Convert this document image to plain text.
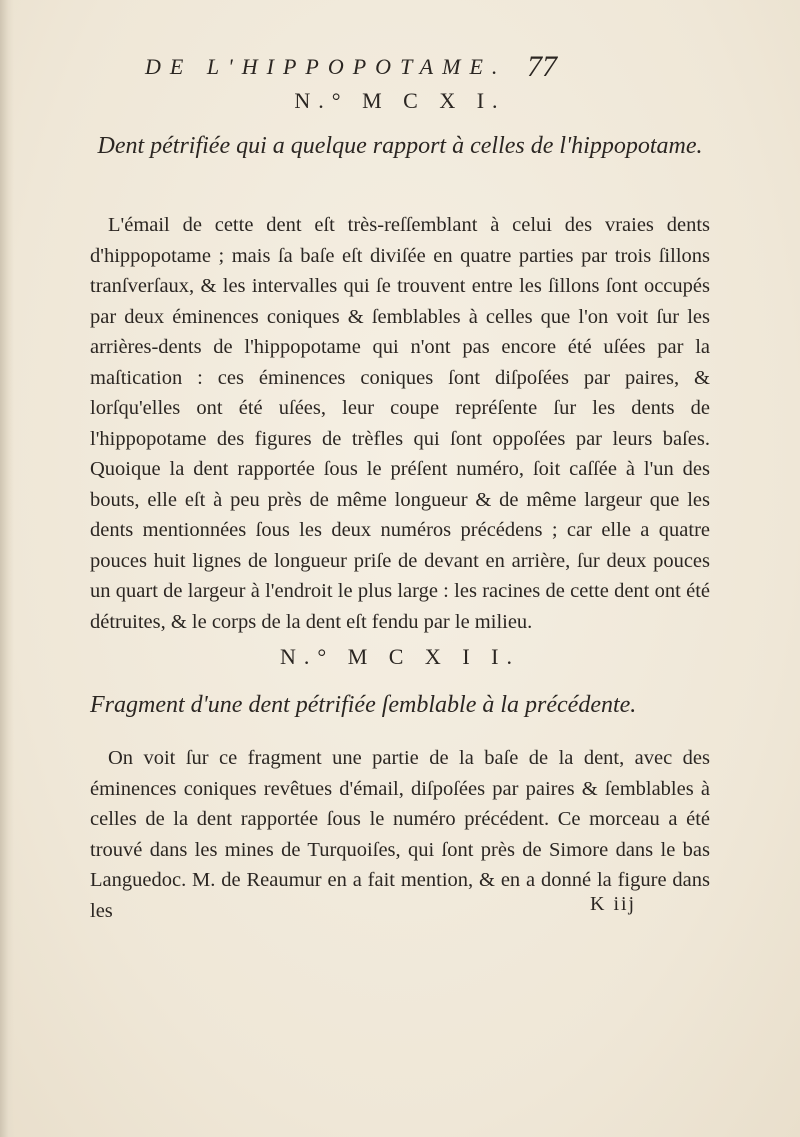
DE L'HIPPOPOTAME. 77
N.° M C X I.
Dent pétrifiée qui a quelque rapport à celles de l'hippopotame.

L'émail de cette dent eſt très-reſſemblant à celui des vraies dents d'hippopotame ; mais ſa baſe eſt diviſée en quatre parties par trois ſillons tranſverſaux, & les intervalles qui ſe trouvent entre les ſillons ſont occupés par deux éminences coniques & ſemblables à celles que l'on voit ſur les arrières-dents de l'hippopotame qui n'ont pas encore été uſées par la maſtication : ces éminences coniques ſont diſpoſées par paires, & lorſqu'elles ont été uſées, leur coupe repréſente ſur les dents de l'hippopotame des figures de trèfles qui ſont oppoſées par leurs baſes. Quoique la dent rapportée ſous le préſent numéro, ſoit caſſée à l'un des bouts, elle eſt à peu près de même longueur & de même largeur que les dents mentionnées ſous les deux numéros précédens ; car elle a quatre pouces huit lignes de longueur priſe de devant en arrière, ſur deux pouces un quart de largeur à l'endroit le plus large : les racines de cette dent ont été détruites, & le corps de la dent eſt fendu par le milieu.

N.° M C X I I.
Fragment d'une dent pétrifiée ſemblable à la précédente.

On voit ſur ce fragment une partie de la baſe de la dent, avec des éminences coniques revêtues d'émail, diſpoſées par paires & ſemblables à celles de la dent rapportée ſous le numéro précédent. Ce morceau a été trouvé dans les mines de Turquoiſes, qui ſont près de Simore dans le bas Languedoc. M. de Reaumur en a fait mention, & en a donné la figure dans les	K iij
